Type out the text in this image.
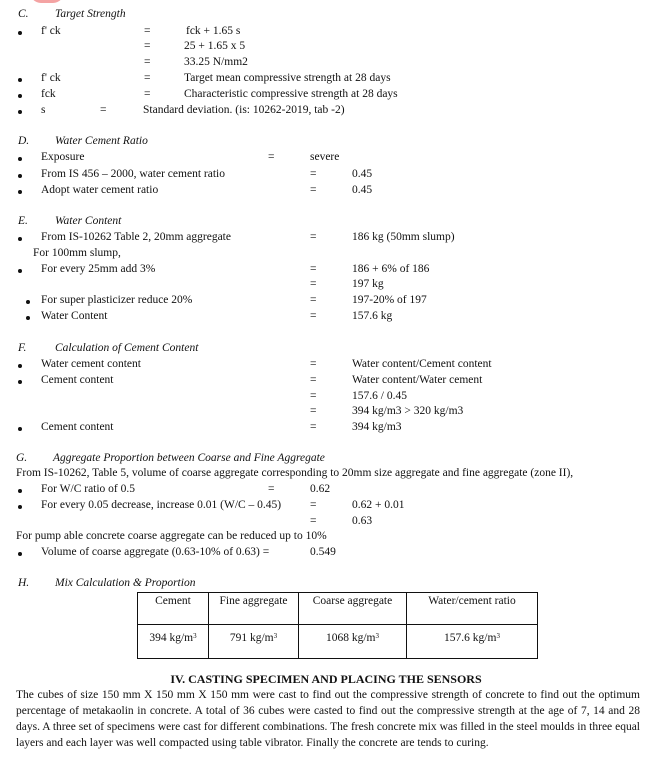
C. Target Strength
f' ck	=	fck + 1.65 s
=	25 + 1.65 x 5
=	33.25 N/mm2
f' ck	=	Target mean compressive strength at 28 days
fck	=	Characteristic compressive strength at 28 days
s	=	Standard deviation. (is: 10262-2019, tab -2)
D. Water Cement Ratio
Exposure	=	severe
From IS 456 – 2000, water cement ratio	=	0.45
Adopt water cement ratio	=	0.45
E. Water Content
From IS-10262 Table 2, 20mm aggregate	=	186 kg (50mm slump)
For 100mm slump,
For every 25mm add 3%	=	186 + 6% of 186
=	197 kg
For super plasticizer reduce 20%	=	197-20% of 197
Water Content	=	157.6 kg
F. Calculation of Cement Content
Water cement content	=	Water content/Cement content
Cement content	=	Water content/Water cement
=	157.6 / 0.45
=	394 kg/m3 > 320 kg/m3
Cement content	=	394 kg/m3
G. Aggregate Proportion between Coarse and Fine Aggregate
From IS-10262, Table 5, volume of coarse aggregate corresponding to 20mm size aggregate and fine aggregate (zone II),
For W/C ratio of 0.5	=	0.62
For every 0.05 decrease, increase 0.01 (W/C – 0.45)	=	0.62 + 0.01
=	0.63
For pump able concrete coarse aggregate can be reduced up to 10%
Volume of coarse aggregate (0.63-10% of 0.63) =	0.549
H. Mix Calculation & Proportion
Cement	Fine aggregate	Coarse aggregate	Water/cement ratio
394 $kg/m^3$	791 $kg/m^3$	1068 $kg/m^3$	157.6 $kg/m^3$
IV. CASTING SPECIMEN AND PLACING THE SENSORS
The cubes of size 150 mm X 150 mm X 150 mm were cast to find out the compressive strength of concrete to find out the optimum percentage of metakaolin in concrete. A total of 36 cubes were casted to find out the compressive strength at the age of 7, 14 and 28 days. A three set of specimens were cast for different combinations. The fresh concrete mix was filled in the steel moulds in three equal layers and each layer was well compacted using table vibrator. Finally the concrete are tends to curing.
